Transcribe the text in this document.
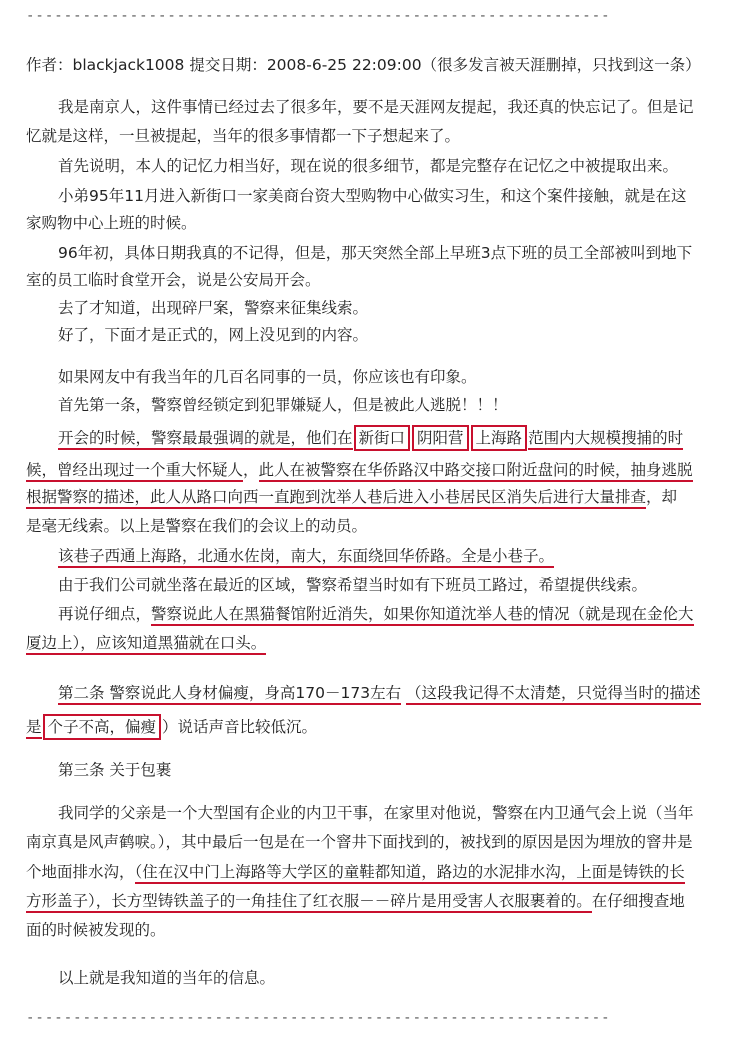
--------------------------------------------------------------
作者：blackjack1008 提交日期：2008-6-25 22:09:00（很多发言被天涯删掉，只找到这一条）
我是南京人，这件事情已经过去了很多年，要不是天涯网友提起，我还真的快忘记了。但是记
忆就是这样，一旦被提起，当年的很多事情都一下子想起来了。
首先说明，本人的记忆力相当好，现在说的很多细节，都是完整存在记忆之中被提取出来。
小弟95年11月进入新街口一家美商台资大型购物中心做实习生，和这个案件接触，就是在这
家购物中心上班的时候。
96年初，具体日期我真的不记得，但是，那天突然全部上早班3点下班的员工全部被叫到地下
室的员工临时食堂开会，说是公安局开会。
去了才知道，出现碎尸案，警察来征集线索。
好了，下面才是正式的，网上没见到的内容。
如果网友中有我当年的几百名同事的一员，你应该也有印象。
首先第一条，警察曾经锁定到犯罪嫌疑人，但是被此人逃脱！！！
开会的时候，警察最最强调的就是，他们在 新街口 阴阳营 上海路 范围内大规模搜捕的时
候，曾经出现过一个重大怀疑人，此人在被警察在华侨路汉中路交接口附近盘问的时候，抽身逃脱
根据警察的描述，此人从路口向西一直跑到沈举人巷后进入小巷居民区消失后进行大量排查，却
是毫无线索。以上是警察在我们的会议上的动员。
该巷子西通上海路，北通水佐岗，南大，东面绕回华侨路。全是小巷子。
由于我们公司就坐落在最近的区域，警察希望当时如有下班员工路过，希望提供线索。
再说仔细点，警察说此人在黑猫餐馆附近消失，如果你知道沈举人巷的情况（就是现在金伦大
厦边上），应该知道黑猫就在口头。
第二条 警察说此人身材偏瘦，身高170－173左右 （这段我记得不太清楚，只觉得当时的描述
是 个子不高，偏瘦 ）说话声音比较低沉。
第三条 关于包裹
我同学的父亲是一个大型国有企业的内卫干事，在家里对他说，警察在内卫通气会上说（当年
南京真是风声鹤唳。），其中最后一包是在一个窨井下面找到的，被找到的原因是因为埋放的窨井是
个地面排水沟，（住在汉中门上海路等大学区的童鞋都知道，路边的水泥排水沟，上面是铸铁的长
方形盖子），长方型铸铁盖子的一角挂住了红衣服－－碎片是用受害人衣服裹着的。在仔细搜查地
面的时候被发现的。
以上就是我知道的当年的信息。
--------------------------------------------------------------
